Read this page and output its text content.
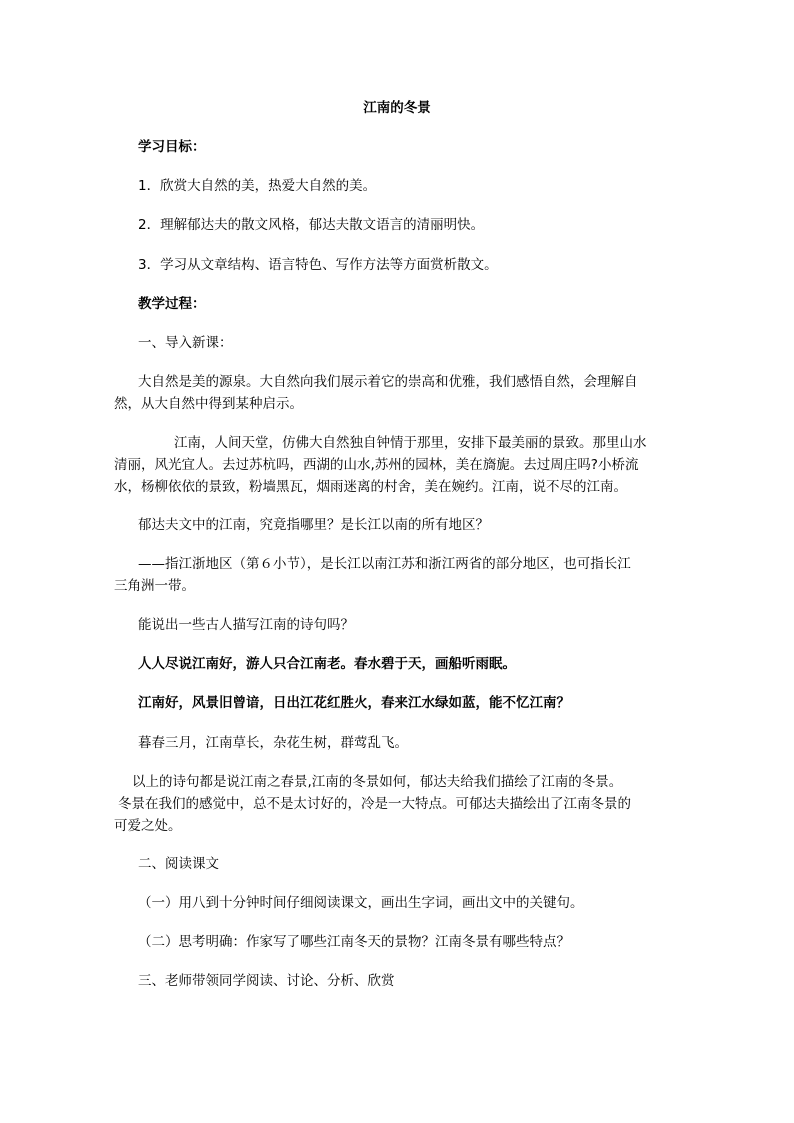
江南的冬景
学习目标：
1．欣赏大自然的美，热爱大自然的美。
2．理解郁达夫的散文风格，郁达夫散文语言的清丽明快。
3．学习从文章结构、语言特色、写作方法等方面赏析散文。
教学过程：
一、导入新课：
大自然是美的源泉。大自然向我们展示着它的崇高和优雅，我们感悟自然，会理解自
然，从大自然中得到某种启示。
江南，人间天堂，仿佛大自然独自钟情于那里，安排下最美丽的景致。那里山水
清丽，风光宜人。去过苏杭吗，西湖的山水,苏州的园林，美在旖旎。去过周庄吗?小桥流
水，杨柳依依的景致，粉墙黑瓦，烟雨迷离的村舍，美在婉约。江南，说不尽的江南。
郁达夫文中的江南，究竟指哪里？是长江以南的所有地区？
——指江浙地区（第６小节），是长江以南江苏和浙江两省的部分地区，也可指长江
三角洲一带。
能说出一些古人描写江南的诗句吗？
人人尽说江南好，游人只合江南老。春水碧于天，画船听雨眠。
江南好，风景旧曾谙，日出江花红胜火，春来江水绿如蓝，能不忆江南？
暮春三月，江南草长，杂花生树，群莺乱飞。
以上的诗句都是说江南之春景,江南的冬景如何，郁达夫给我们描绘了江南的冬景。
冬景在我们的感觉中，总不是太讨好的，冷是一大特点。可郁达夫描绘出了江南冬景的
可爱之处。
二、阅读课文
（一）用八到十分钟时间仔细阅读课文，画出生字词，画出文中的关键句。
（二）思考明确：作家写了哪些江南冬天的景物？江南冬景有哪些特点？
三、老师带领同学阅读、讨论、分析、欣赏
